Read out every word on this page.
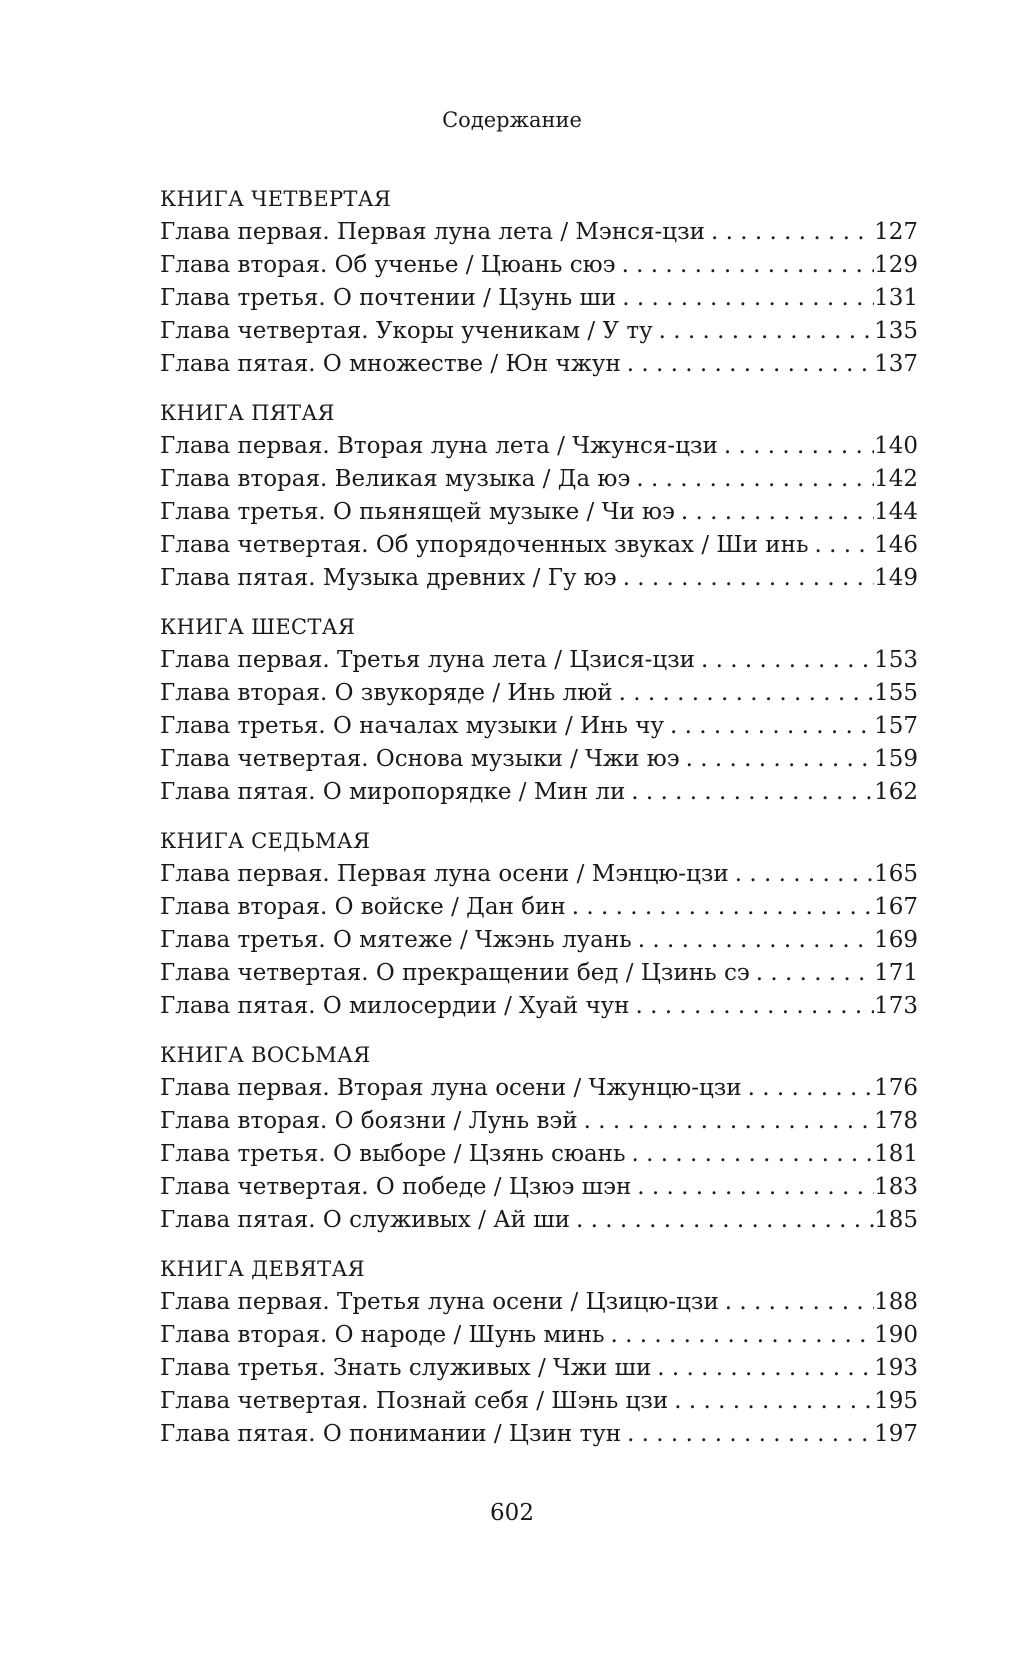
Содержание
КНИГА ЧЕТВЕРТАЯ
Глава первая. Первая луна лета / Мэнся-цзи . . .	127
Глава вторая. Об ученье / Цюань сюэ . . .	129
Глава третья. О почтении / Цзунь ши . . .	131
Глава четвертая. Укоры ученикам / У ту . . .	135
Глава пятая. О множестве / Юн чжун . . .	137
КНИГА ПЯТАЯ
Глава первая. Вторая луна лета / Чжунся-цзи . . .	140
Глава вторая. Великая музыка / Да юэ . . .	142
Глава третья. О пьянящей музыке / Чи юэ . . .	144
Глава четвертая. Об упорядоченных звуках / Ши инь . . .	146
Глава пятая. Музыка древних / Гу юэ . . .	149
КНИГА ШЕСТАЯ
Глава первая. Третья луна лета / Цзися-цзи . . .	153
Глава вторая. О звукоряде / Инь люй . . .	155
Глава третья. О началах музыки / Инь чу . . .	157
Глава четвертая. Основа музыки / Чжи юэ . . .	159
Глава пятая. О миропорядке / Мин ли . . .	162
КНИГА СЕДЬМАЯ
Глава первая. Первая луна осени / Мэнцю-цзи . . .	165
Глава вторая. О войске / Дан бин . . .	167
Глава третья. О мятеже / Чжэнь луань . . .	169
Глава четвертая. О прекращении бед / Цзинь сэ . . .	171
Глава пятая. О милосердии / Хуай чун . . .	173
КНИГА ВОСЬМАЯ
Глава первая. Вторая луна осени / Чжунцю-цзи . . .	176
Глава вторая. О боязни / Лунь вэй . . .	178
Глава третья. О выборе / Цзянь сюань . . .	181
Глава четвертая. О победе / Цзюэ шэн . . .	183
Глава пятая. О служивых / Ай ши . . .	185
КНИГА ДЕВЯТАЯ
Глава первая. Третья луна осени / Цзицю-цзи . . .	188
Глава вторая. О народе / Шунь минь . . .	190
Глава третья. Знать служивых / Чжи ши . . .	193
Глава четвертая. Познай себя / Шэнь цзи . . .	195
Глава пятая. О понимании / Цзин тун . . .	197
602
